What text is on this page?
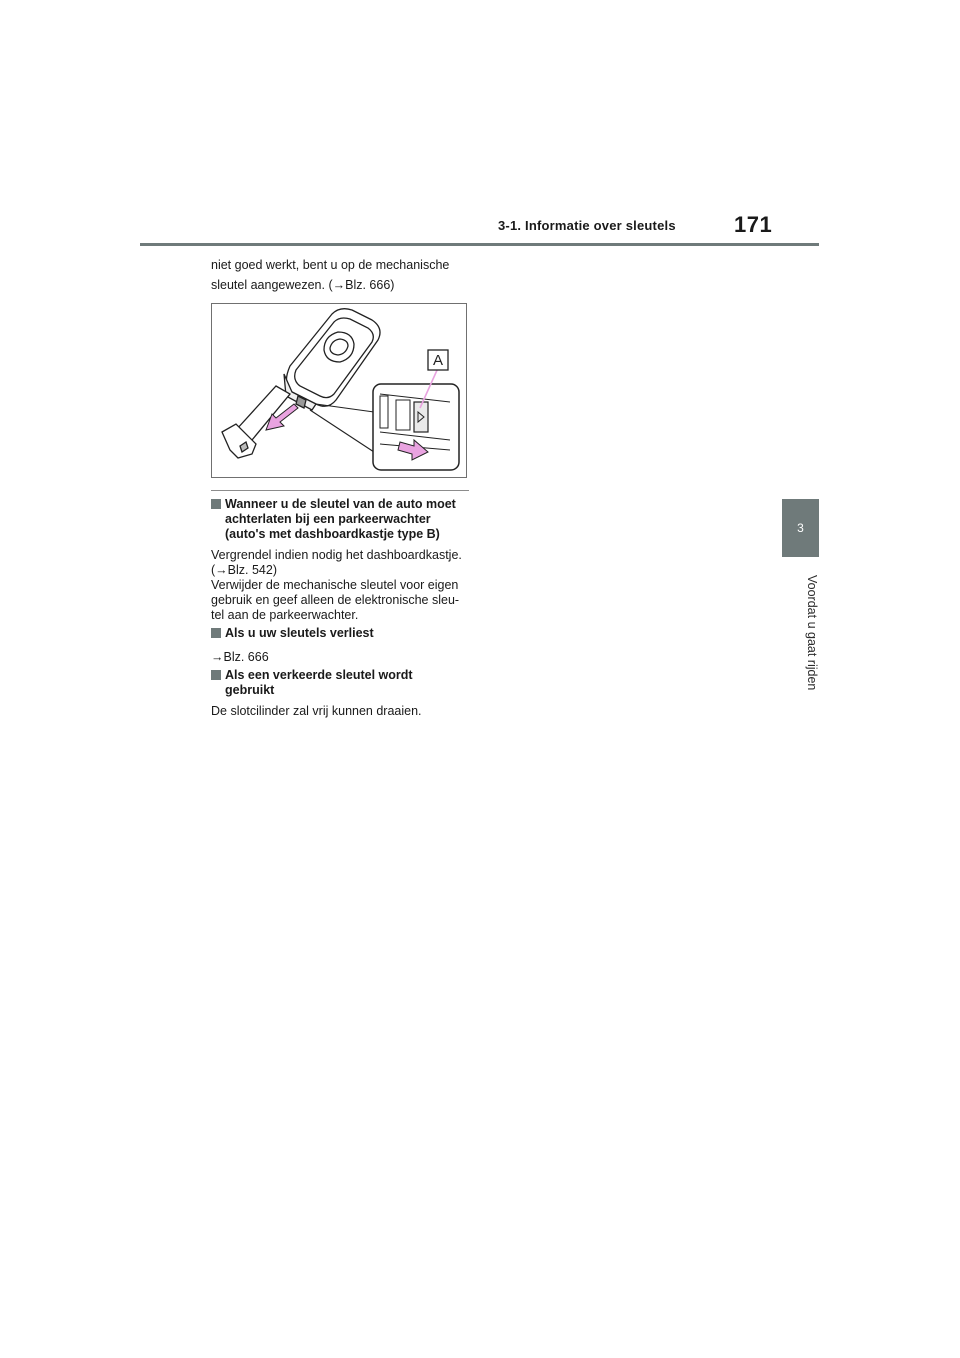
3-1. Informatie over sleutels	171
3
Voordat u gaat rijden

niet goed werkt, bent u op de mechanische

sleutel aangewezen. (→Blz. 666)

A
Wanneer u de sleutel van de auto moet
achterlaten bij een parkeerwachter
(auto's met dashboardkastje type B)
Vergrendel indien nodig het dashboardkastje.
(→Blz. 542)
Verwijder de mechanische sleutel voor eigen
gebruik en geef alleen de elektronische sleu-
tel aan de parkeerwachter.
Als u uw sleutels verliest
→Blz. 666
Als een verkeerde sleutel wordt
gebruikt
De slotcilinder zal vrij kunnen draaien.
